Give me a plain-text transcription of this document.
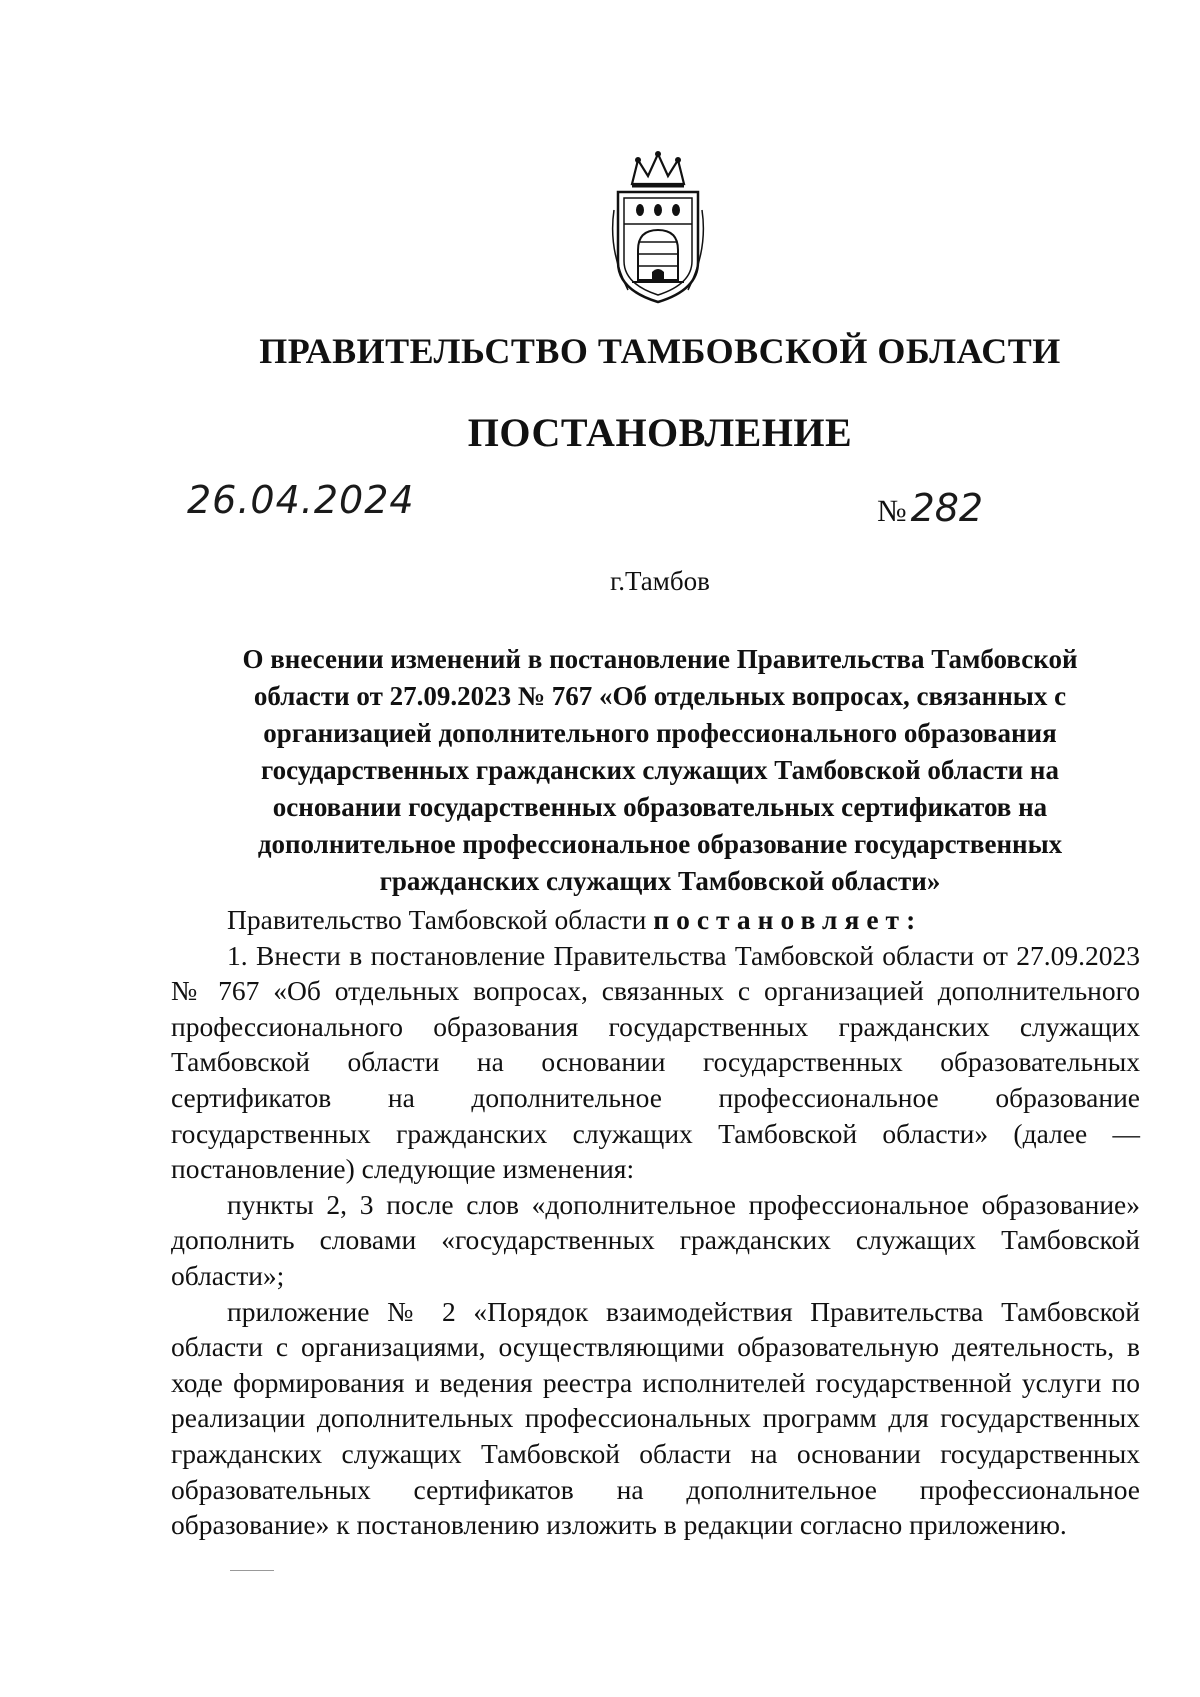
ПРАВИТЕЛЬСТВО ТАМБОВСКОЙ ОБЛАСТИ
ПОСТАНОВЛЕНИЕ
26.04.2024	№ 282
г.Тамбов
О внесении изменений в постановление Правительства Тамбовской области от 27.09.2023 № 767 «Об отдельных вопросах, связанных с организацией дополнительного профессионального образования государственных гражданских служащих Тамбовской области на основании государственных образовательных сертификатов на дополнительное профессиональное образование государственных гражданских служащих Тамбовской области»

Правительство Тамбовской области постановляет:

1. Внести в постановление Правительства Тамбовской области от 27.09.2023 № 767 «Об отдельных вопросах, связанных с организацией дополнительного профессионального образования государственных гражданских служащих Тамбовской области на основании государственных образовательных сертификатов на дополнительное профессиональное образование государственных гражданских служащих Тамбовской области» (далее — постановление) следующие изменения:

пункты 2, 3 после слов «дополнительное профессиональное образование» дополнить словами «государственных гражданских служащих Тамбовской области»;

приложение № 2 «Порядок взаимодействия Правительства Тамбовской области с организациями, осуществляющими образовательную деятельность, в ходе формирования и ведения реестра исполнителей государственной услуги по реализации дополнительных профессиональных программ для государственных гражданских служащих Тамбовской области на основании государственных образовательных сертификатов на дополнительное профессиональное образование» к постановлению изложить в редакции согласно приложению.
